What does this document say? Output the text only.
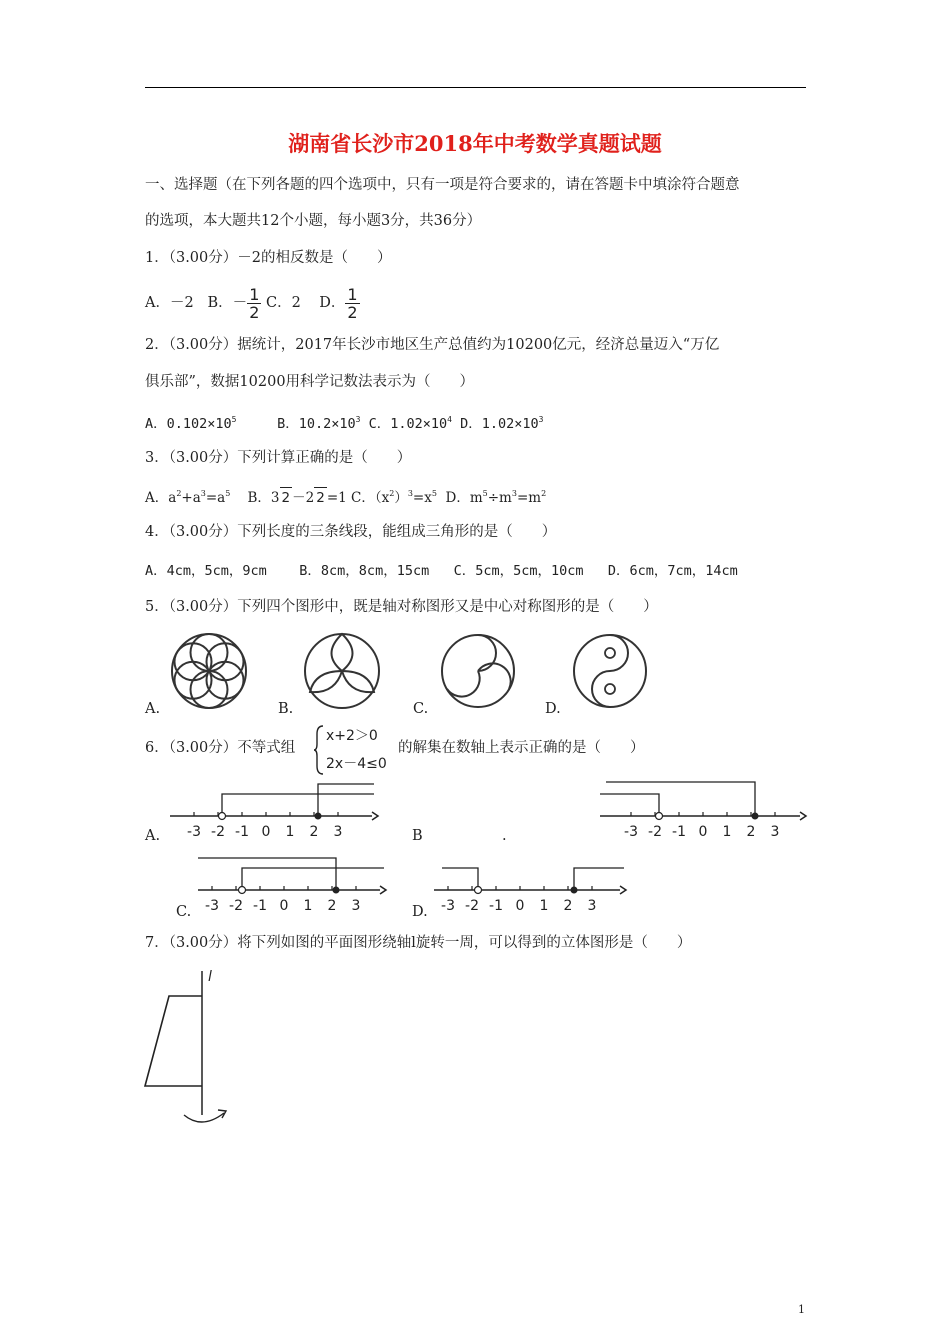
湖南省长沙市2018年中考数学真题试题
一、选择题（在下列各题的四个选项中，只有一项是符合要求的，请在答题卡中填涂符合题意
的选项，本大题共12个小题，每小题3分，共36分）
1．（3.00分）－2的相反数是（　　）
A．－2 B．－ $\frac{1}{2}$ C．2 D． $\frac{1}{2}$
2．（3.00分）据统计，2017年长沙市地区生产总值约为10200亿元，经济总量迈入“万亿
俱乐部”，数据10200用科学记数法表示为（　　）
A．$0.102\times 10^5$	B．$10.2\times 10^3$ C．$1.02\times 10^4$ D．$1.02\times 10^3$
3．（3.00分）下列计算正确的是（　　）
A．$a^2+a^3=a^5$ B．3 2 －2 2 =1 C．$(x^2)^3=x^5$ D．$m^5\div m^3=m^2$
4．（3.00分）下列长度的三条线段，能组成三角形的是（　　）
A．4cm，5cm，9cm B．8cm，8cm，15cm C．5cm，5cm，10cm D．6cm，7cm，14cm
5．（3.00分）下列四个图形中，既是轴对称图形又是中心对称图形的是（　　）
A.	B.	C.	D.
6．（3.00分）不等式组
x+2＞0
2x－4≤0
的解集在数轴上表示正确的是（　　）
-3 -2 -1 0 1 2 3
A.	B	.	-3 -2 -1 0 1 2 3
-3 -2 -1 0 1 2 3
C.	-3 -2 -1 0 1 2 3
D.
7．（3.00分）将下列如图的平面图形绕轴l旋转一周，可以得到的立体图形是（　　）
l
1
